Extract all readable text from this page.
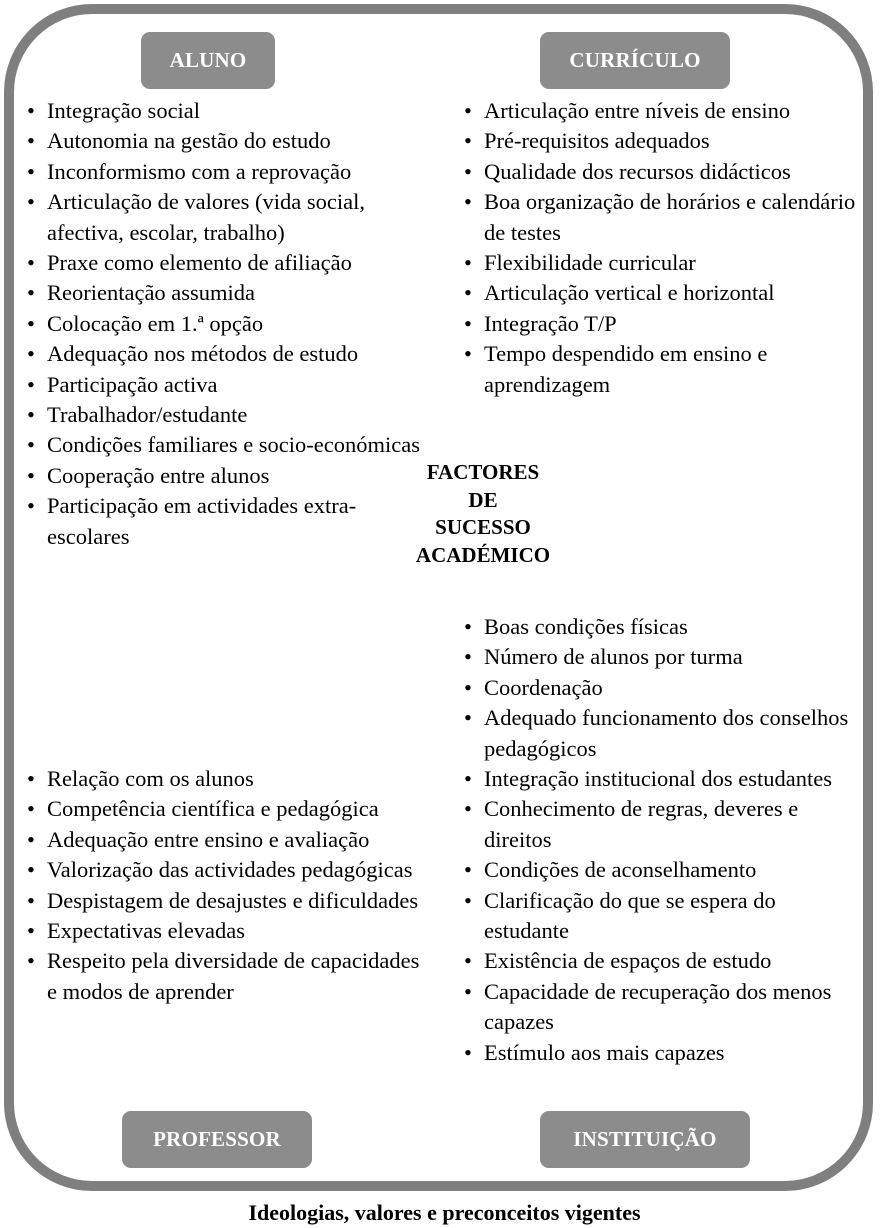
ALUNO	CURRÍCULO
PROFESSOR	INSTITUIÇÃO
• Integração social
• Autonomia na gestão do estudo
• Inconformismo com a reprovação
• Articulação de valores (vida social, afectiva, escolar, trabalho)
• Praxe como elemento de afiliação
• Reorientação assumida
• Colocação em 1.ª opção
• Adequação nos métodos de estudo
• Participação activa
• Trabalhador/estudante
• Condições familiares e socio-económicas
• Cooperação entre alunos
• Participação em actividades extra-escolares
• Articulação entre níveis de ensino
• Pré-requisitos adequados
• Qualidade dos recursos didácticos
• Boa organização de horários e calendário de testes
• Flexibilidade curricular
• Articulação vertical e horizontal
• Integração T/P
• Tempo despendido em ensino e aprendizagem
FACTORES
DE
SUCESSO
ACADÉMICO
• Boas condições físicas
• Número de alunos por turma
• Coordenação
• Adequado funcionamento dos conselhos pedagógicos
• Integração institucional dos estudantes
• Conhecimento de regras, deveres e direitos
• Condições de aconselhamento
• Clarificação do que se espera do estudante
• Existência de espaços de estudo
• Capacidade de recuperação dos menos capazes
• Estímulo aos mais capazes
• Relação com os alunos
• Competência científica e pedagógica
• Adequação entre ensino e avaliação
• Valorização das actividades pedagógicas
• Despistagem de desajustes e dificuldades
• Expectativas elevadas
• Respeito pela diversidade de capacidades e modos de aprender
Ideologias, valores e preconceitos vigentes
